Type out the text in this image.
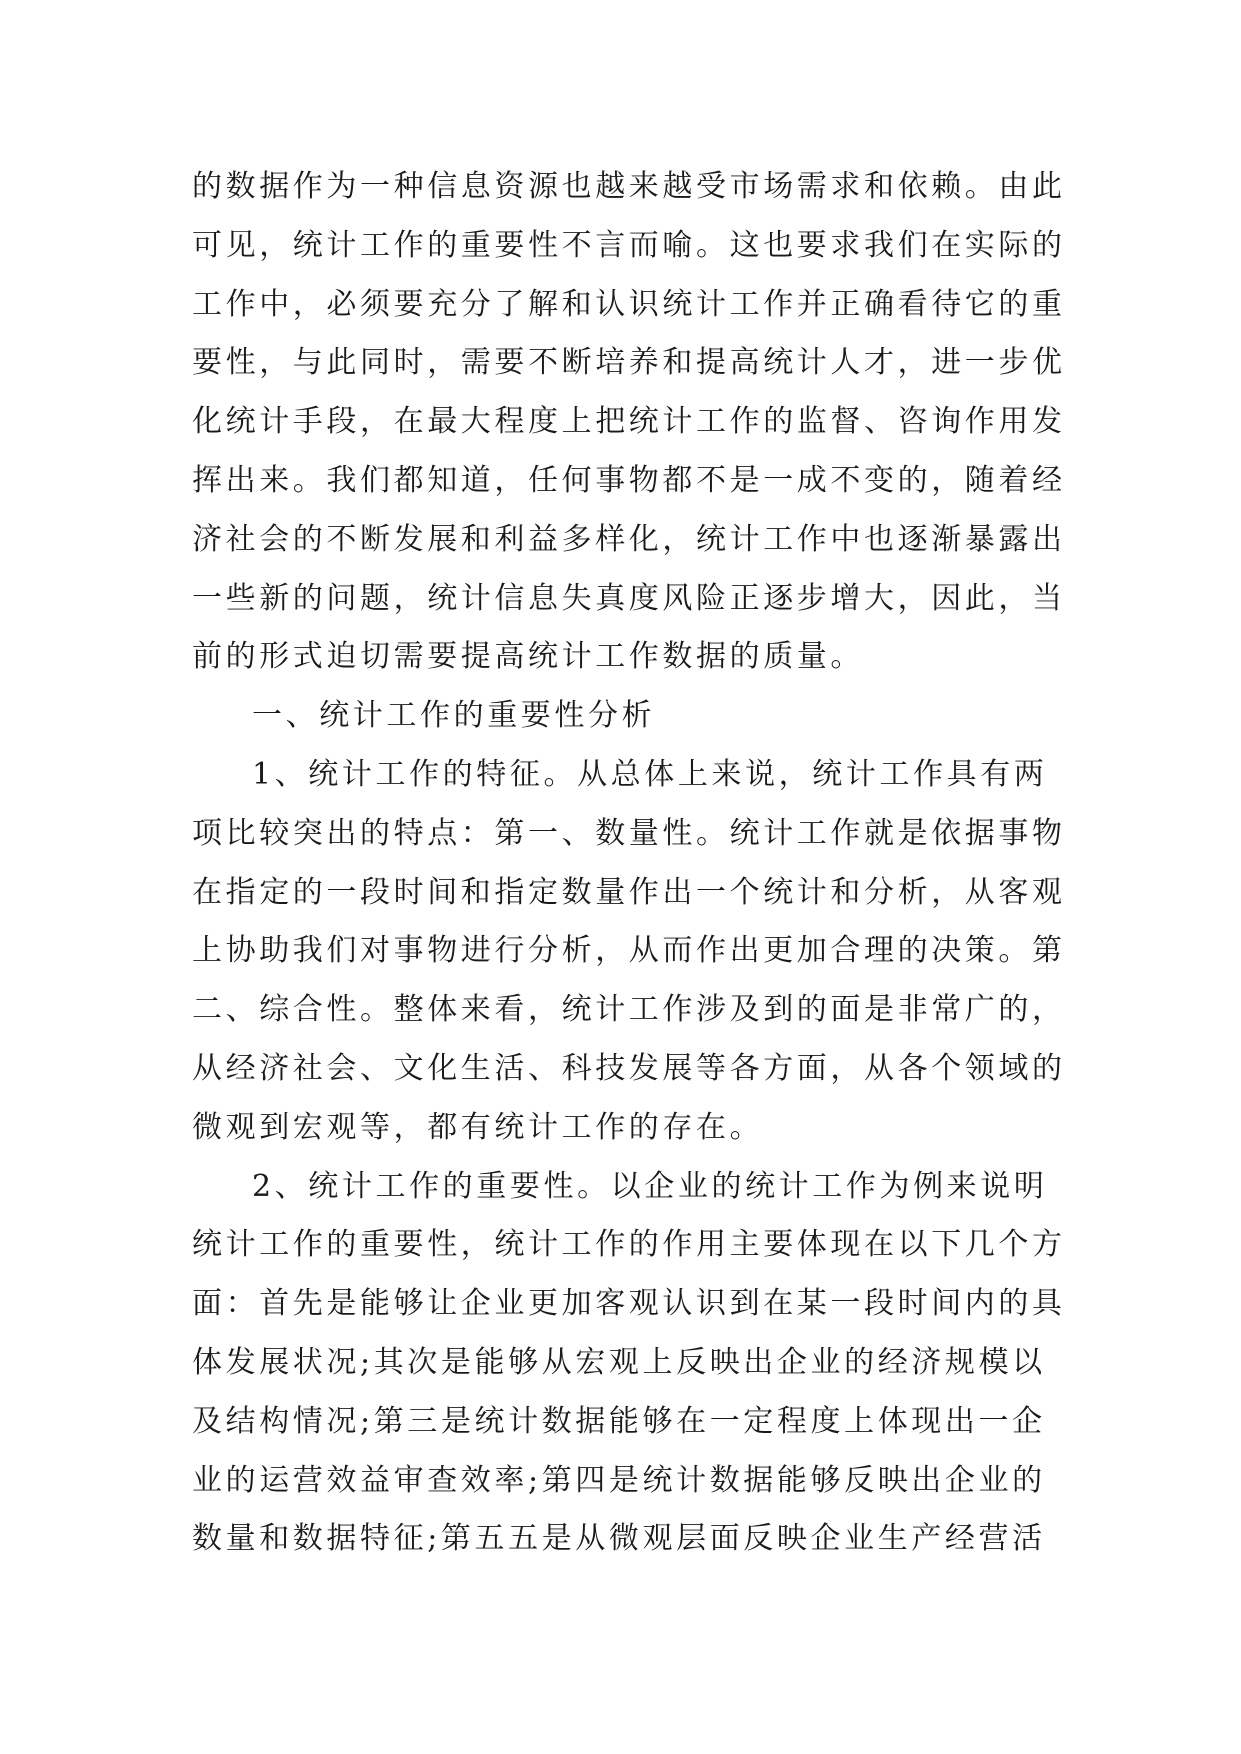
的数据作为一种信息资源也越来越受市场需求和依赖。由此
可见，统计工作的重要性不言而喻。这也要求我们在实际的
工作中，必须要充分了解和认识统计工作并正确看待它的重
要性，与此同时，需要不断培养和提高统计人才，进一步优
化统计手段，在最大程度上把统计工作的监督、咨询作用发
挥出来。我们都知道，任何事物都不是一成不变的，随着经
济社会的不断发展和利益多样化，统计工作中也逐渐暴露出
一些新的问题，统计信息失真度风险正逐步增大，因此，当
前的形式迫切需要提高统计工作数据的质量。
一、统计工作的重要性分析
1、统计工作的特征。从总体上来说，统计工作具有两
项比较突出的特点：第一、数量性。统计工作就是依据事物
在指定的一段时间和指定数量作出一个统计和分析，从客观
上协助我们对事物进行分析，从而作出更加合理的决策。第
二、综合性。整体来看，统计工作涉及到的面是非常广的，
从经济社会、文化生活、科技发展等各方面，从各个领域的
微观到宏观等，都有统计工作的存在。
2、统计工作的重要性。以企业的统计工作为例来说明
统计工作的重要性，统计工作的作用主要体现在以下几个方
面：首先是能够让企业更加客观认识到在某一段时间内的具
体发展状况;其次是能够从宏观上反映出企业的经济规模以
及结构情况;第三是统计数据能够在一定程度上体现出一企
业的运营效益审查效率;第四是统计数据能够反映出企业的
数量和数据特征;第五五是从微观层面反映企业生产经营活
